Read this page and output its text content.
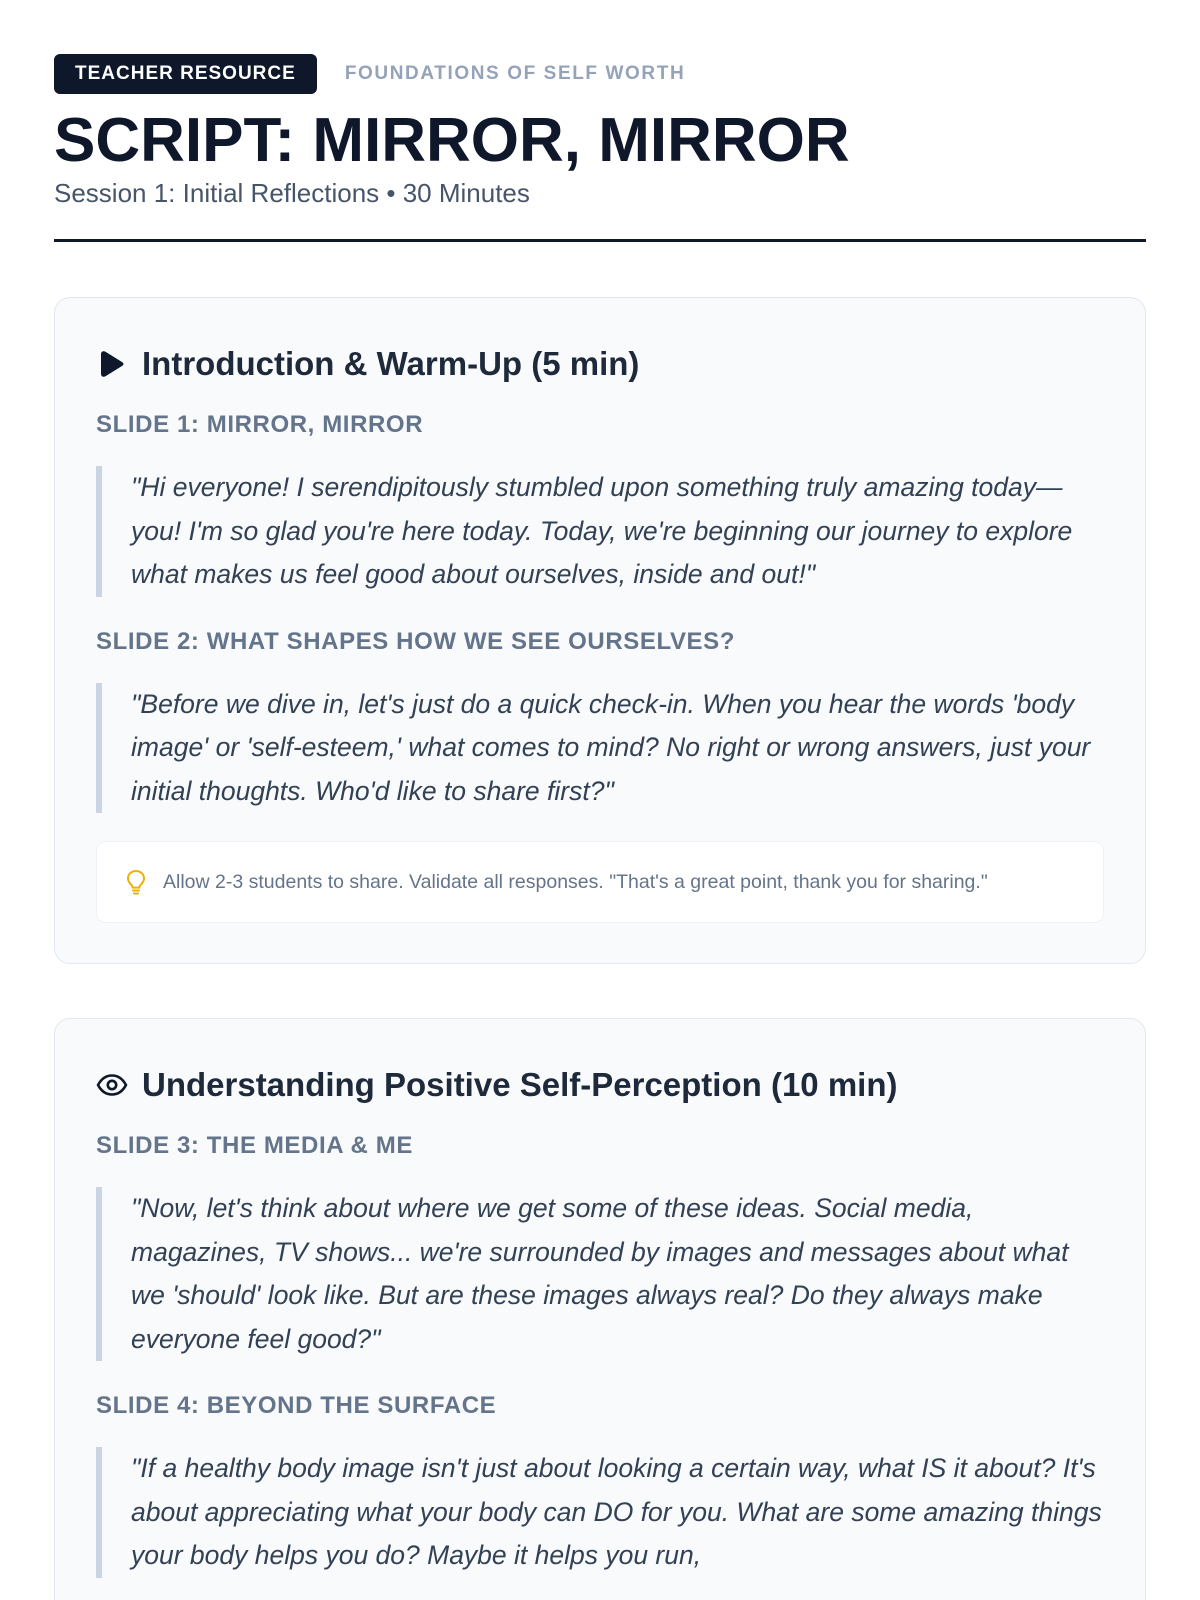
TEACHER RESOURCE	FOUNDATIONS OF SELF WORTH
SCRIPT: MIRROR, MIRROR
Session 1: Initial Reflections • 30 Minutes
Introduction & Warm-Up (5 min)
SLIDE 1: MIRROR, MIRROR
"Hi everyone! I serendipitously stumbled upon something truly amazing today—you! I'm so glad you're here today. Today, we're beginning our journey to explore what makes us feel good about ourselves, inside and out!"
SLIDE 2: WHAT SHAPES HOW WE SEE OURSELVES?
"Before we dive in, let's just do a quick check-in. When you hear the words 'body image' or 'self-esteem,' what comes to mind? No right or wrong answers, just your initial thoughts. Who'd like to share first?"
Allow 2-3 students to share. Validate all responses. "That's a great point, thank you for sharing."
Understanding Positive Self-Perception (10 min)
SLIDE 3: THE MEDIA & ME
"Now, let's think about where we get some of these ideas. Social media, magazines, TV shows... we're surrounded by images and messages about what we 'should' look like. But are these images always real? Do they always make everyone feel good?"
SLIDE 4: BEYOND THE SURFACE
"If a healthy body image isn't just about looking a certain way, what IS it about? It's about appreciating what your body can DO for you. What are some amazing things your body helps you do? Maybe it helps you run,
